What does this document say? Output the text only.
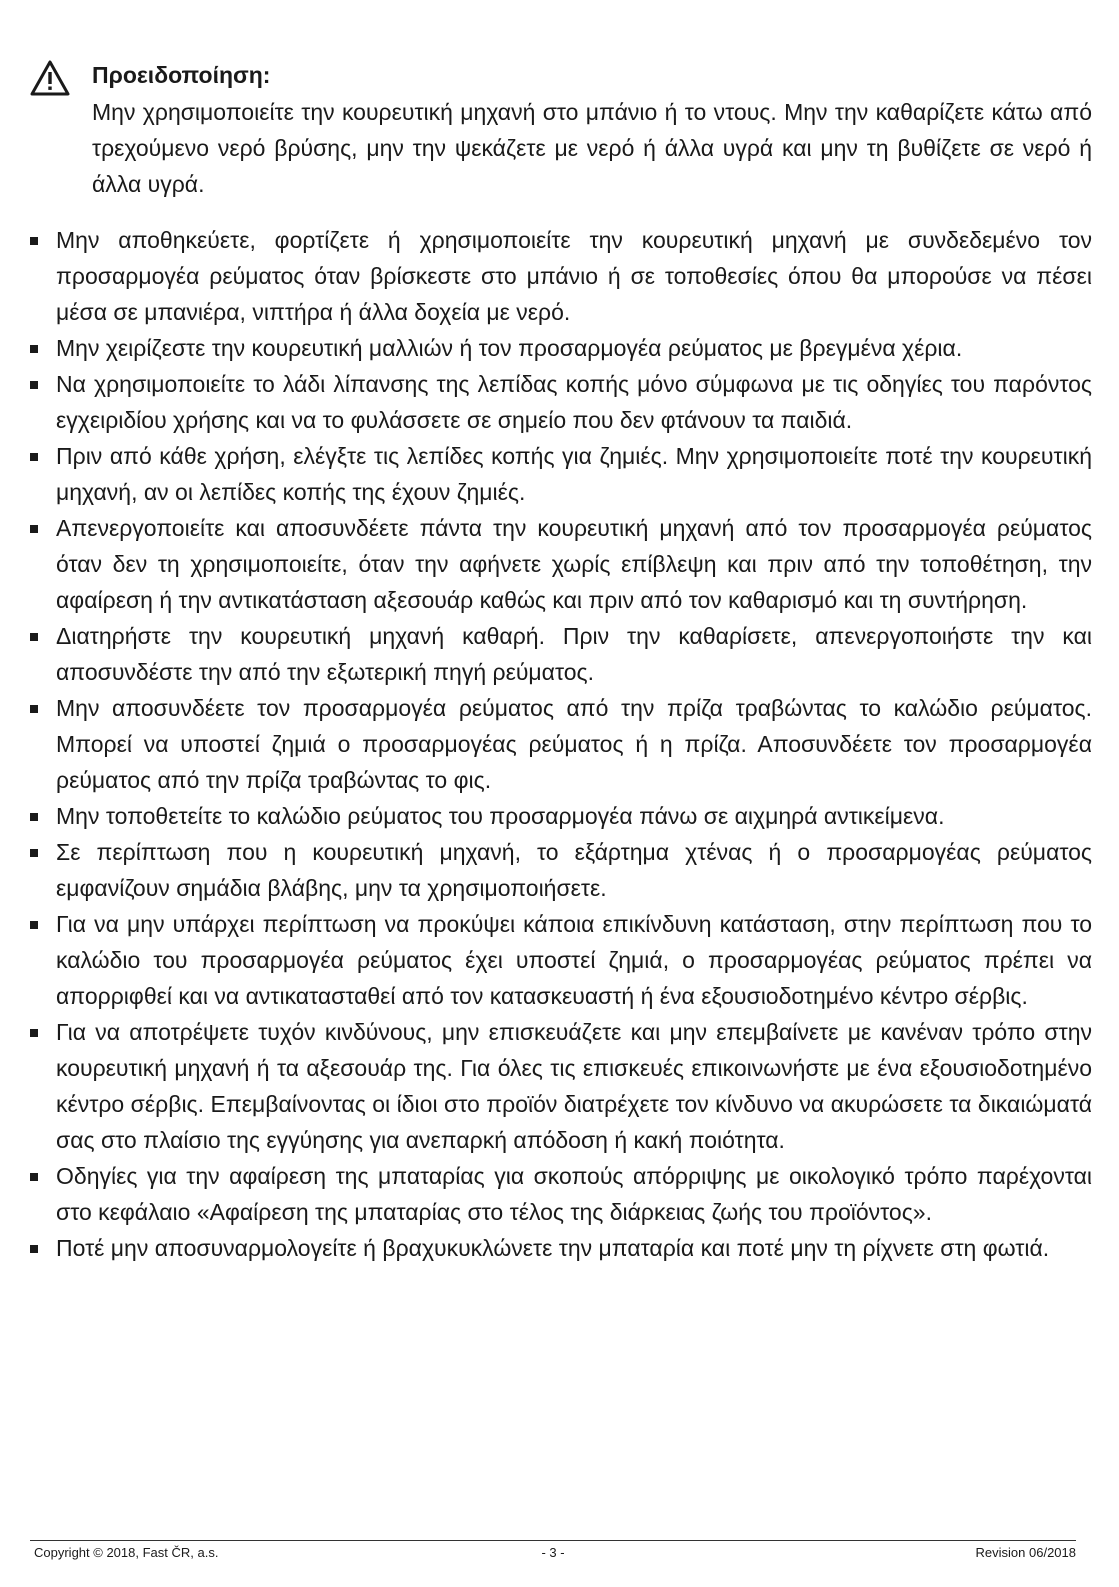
Προειδοποίηση:

Μην χρησιμοποιείτε την κουρευτική μηχανή στο μπάνιο ή το ντους. Μην την καθαρίζετε κάτω από τρεχούμενο νερό βρύσης, μην την ψεκάζετε με νερό ή άλλα υγρά και μην τη βυθίζετε σε νερό ή άλλα υγρά.

Μην αποθηκεύετε, φορτίζετε ή χρησιμοποιείτε την κουρευτική μηχανή με συνδεδεμένο τον προσαρμογέα ρεύματος όταν βρίσκεστε στο μπάνιο ή σε τοποθεσίες όπου θα μπορούσε να πέσει μέσα σε μπανιέρα, νιπτήρα ή άλλα δοχεία με νερό.
Μην χειρίζεστε την κουρευτική μαλλιών ή τον προσαρμογέα ρεύματος με βρεγμένα χέρια.
Να χρησιμοποιείτε το λάδι λίπανσης της λεπίδας κοπής μόνο σύμφωνα με τις οδηγίες του παρόντος εγχειριδίου χρήσης και να το φυλάσσετε σε σημείο που δεν φτάνουν τα παιδιά.
Πριν από κάθε χρήση, ελέγξτε τις λεπίδες κοπής για ζημιές. Μην χρησιμοποιείτε ποτέ την κουρευτική μηχανή, αν οι λεπίδες κοπής της έχουν ζημιές.
Απενεργοποιείτε και αποσυνδέετε πάντα την κουρευτική μηχανή από τον προσαρμογέα ρεύματος όταν δεν τη χρησιμοποιείτε, όταν την αφήνετε χωρίς επίβλεψη και πριν από την τοποθέτηση, την αφαίρεση ή την αντικατάσταση αξεσουάρ καθώς και πριν από τον καθαρισμό και τη συντήρηση.
Διατηρήστε την κουρευτική μηχανή καθαρή. Πριν την καθαρίσετε, απενεργοποιήστε την και αποσυνδέστε την από την εξωτερική πηγή ρεύματος.
Μην αποσυνδέετε τον προσαρμογέα ρεύματος από την πρίζα τραβώντας το καλώδιο ρεύματος. Μπορεί να υποστεί ζημιά ο προσαρμογέας ρεύματος ή η πρίζα. Αποσυνδέετε τον προσαρμογέα ρεύματος από την πρίζα τραβώντας το φις.
Μην τοποθετείτε το καλώδιο ρεύματος του προσαρμογέα πάνω σε αιχμηρά αντικείμενα.
Σε περίπτωση που η κουρευτική μηχανή, το εξάρτημα χτένας ή ο προσαρμογέας ρεύματος εμφανίζουν σημάδια βλάβης, μην τα χρησιμοποιήσετε.
Για να μην υπάρχει περίπτωση να προκύψει κάποια επικίνδυνη κατάσταση, στην περίπτωση που το καλώδιο του προσαρμογέα ρεύματος έχει υποστεί ζημιά, ο προσαρμογέας ρεύματος πρέπει να απορριφθεί και να αντικατασταθεί από τον κατασκευαστή ή ένα εξουσιοδοτημένο κέντρο σέρβις.
Για να αποτρέψετε τυχόν κινδύνους, μην επισκευάζετε και μην επεμβαίνετε με κανέναν τρόπο στην κουρευτική μηχανή ή τα αξεσουάρ της. Για όλες τις επισκευές επικοινωνήστε με ένα εξουσιοδοτημένο κέντρο σέρβις. Επεμβαίνοντας οι ίδιοι στο προϊόν διατρέχετε τον κίνδυνο να ακυρώσετε τα δικαιώματά σας στο πλαίσιο της εγγύησης για ανεπαρκή απόδοση ή κακή ποιότητα.
Οδηγίες για την αφαίρεση της μπαταρίας για σκοπούς απόρριψης με οικολογικό τρόπο παρέχονται στο κεφάλαιο «Αφαίρεση της μπαταρίας στο τέλος της διάρκειας ζωής του προϊόντος».
Ποτέ μην αποσυναρμολογείτε ή βραχυκυκλώνετε την μπαταρία και ποτέ μην τη ρίχνετε στη φωτιά.
Copyright © 2018, Fast ČR, a.s.	- 3 -	Revision 06/2018
